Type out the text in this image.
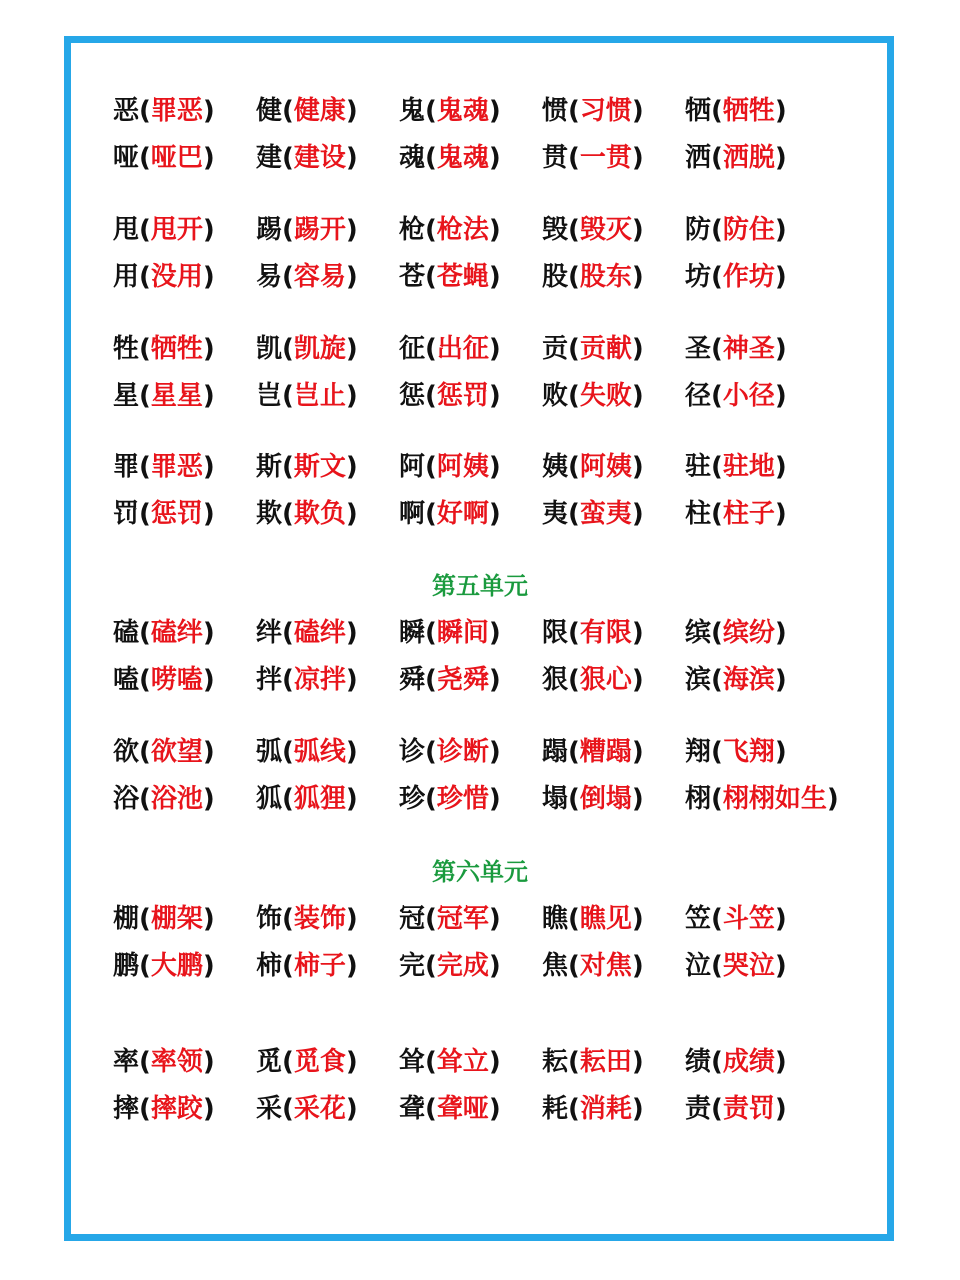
恶(罪恶)	健(健康)	鬼(鬼魂)	惯(习惯)	牺(牺牲)
哑(哑巴)	建(建设)	魂(鬼魂)	贯(一贯)	洒(洒脱)
甩(甩开)	踢(踢开)	枪(枪法)	毁(毁灭)	防(防住)
用(没用)	易(容易)	苍(苍蝇)	股(股东)	坊(作坊)
牲(牺牲)	凯(凯旋)	征(出征)	贡(贡献)	圣(神圣)
星(星星)	岂(岂止)	惩(惩罚)	败(失败)	径(小径)
罪(罪恶)	斯(斯文)	阿(阿姨)	姨(阿姨)	驻(驻地)
罚(惩罚)	欺(欺负)	啊(好啊)	夷(蛮夷)	柱(柱子)
第五单元
磕(磕绊)	绊(磕绊)	瞬(瞬间)	限(有限)	缤(缤纷)
嗑(唠嗑)	拌(凉拌)	舜(尧舜)	狠(狠心)	滨(海滨)
欲(欲望)	弧(弧线)	诊(诊断)	蹋(糟蹋)	翔(飞翔)
浴(浴池)	狐(狐狸)	珍(珍惜)	塌(倒塌)	栩(栩栩如生)
第六单元
棚(棚架)	饰(装饰)	冠(冠军)	瞧(瞧见)	笠(斗笠)
鹏(大鹏)	柿(柿子)	完(完成)	焦(对焦)	泣(哭泣)
率(率领)	觅(觅食)	耸(耸立)	耘(耘田)	绩(成绩)
摔(摔跤)	采(采花)	聋(聋哑)	耗(消耗)	责(责罚)
